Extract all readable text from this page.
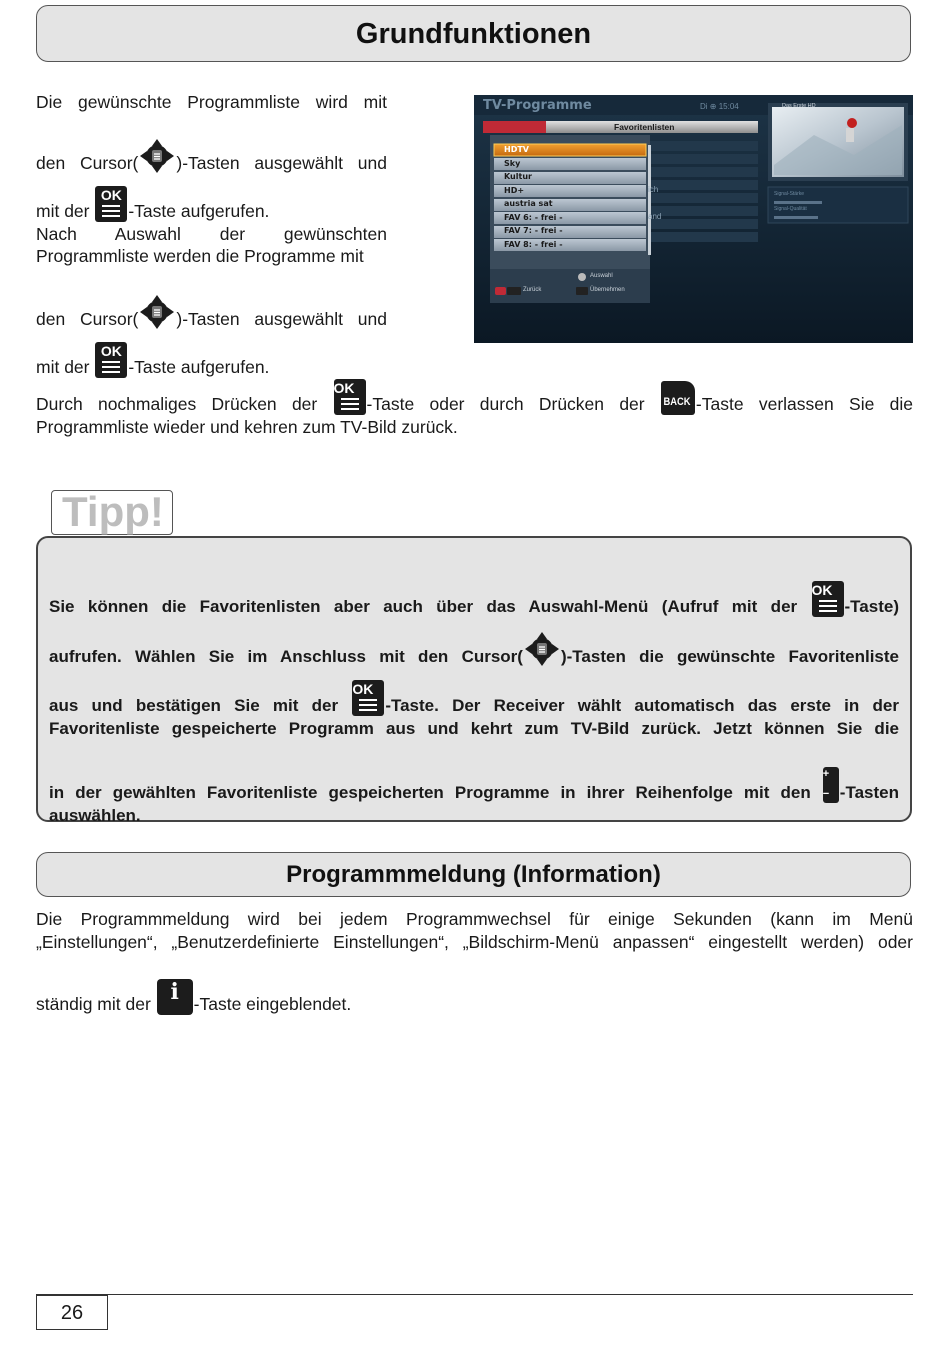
Grundfunktionen

Die gewünschte Programmliste wird mit

den Cursor( )-Tasten ausgewählt und

mit der
OK
-Taste aufgerufen.

Nach Auswahl der gewünschten

Programmliste werden die Programme mit

den Cursor( )-Tasten ausgewählt und

mit der
OK
-Taste aufgerufen.

TV-Programme	Di ⊕ 15:04	Das Erste HD
Favoritenlisten
HDTV
Sky
Kultur
HD+
austria sat
FAV 6: - frei -
FAV 7: - frei -
FAV 8: - frei -
ich
and
Signal-Stärke
Signal-Qualität
Auswahl
Zurück	Übernehmen

Durch nochmaliges Drücken der
OK
-Taste oder durch Drücken der BACK -Taste verlassen Sie die

Programmliste wieder und kehren zum TV-Bild zurück.

Tipp!

Sie können die Favoritenlisten aber auch über das Auswahl-Menü (Aufruf mit der
OK
-Taste)

aufrufen. Wählen Sie im Anschluss mit den Cursor( )-Tasten die gewünschte Favoritenliste

aus und bestätigen Sie mit der
OK
-Taste. Der Receiver wählt automatisch das erste in der

Favoritenliste gespeicherte Programm aus und kehrt zum TV-Bild zurück. Jetzt können Sie die

in der gewählten Favoritenliste gespeicherten Programme in ihrer Reihenfolge mit den
+
− -Tasten

auswählen.

Programmmeldung (Information)

Die Programmmeldung wird bei jedem Programmwechsel für einige Sekunden (kann im Menü

„Einstellungen“, „Benutzerdefinierte Einstellungen“, „Bildschirm-Menü anpassen“ eingestellt werden) oder

ständig mit der i -Taste eingeblendet.

26
